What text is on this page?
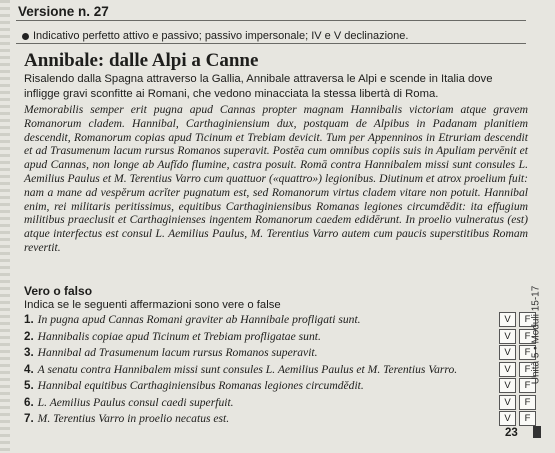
Versione n. 27
Indicativo perfetto attivo e passivo; passivo impersonale; IV e V declinazione.
Annibale: dalle Alpi a Canne
Risalendo dalla Spagna attraverso la Gallia, Annibale attraversa le Alpi e scende in Italia dove infligge gravi sconfitte ai Romani, che vedono minacciata la stessa libertà di Roma.
Memorabilis semper erit pugna apud Cannas propter magnam Hannibalis victoriam atque gravem Romanorum cladem. Hannibal, Carthaginiensium dux, postquam de Alpibus in Padanam planitiem descendit, Romanorum copias apud Ticinum et Trebiam devicit. Tum per Appenninos in Etruriam descendit et ad Trasumenum lacum rursus Romanos superavit. Postēa cum omnibus copiis suis in Apuliam pervēnit et apud Cannas, non longe ab Aufĭdo flumine, castra posuit. Romā contra Hannibalem missi sunt consules L. Aemilius Paulus et M. Terentius Varro cum quattuor («quattro») legionibus. Diutinum et atrox proelium fuit: nam a mane ad vespĕrum acrĭter pugnatum est, sed Romanorum virtus cladem vitare non potuit. Hannibal enim, rei militaris peritissimus, equitibus Carthaginiensibus Romanas legiones circumdĕdit: ita effugium militibus praeclusit et Carthaginienses ingentem Romanorum caedem edidērunt. In proelio vulneratus (est) atque interfectus est consul L. Aemilius Paulus, M. Terentius Varro autem cum paucis superstitibus Romam revertit.
Vero o falso
Indica se le seguenti affermazioni sono vere o false
1. In pugna apud Cannas Romani graviter ab Hannibale profligati sunt.	V	F
2. Hannibalis copiae apud Ticinum et Trebiam profligatae sunt.	V	F
3. Hannibal ad Trasumenum lacum rursus Romanos superavit.	V	F
4. A senatu contra Hannibalem missi sunt consules L. Aemilius Paulus et M. Terentius Varro.	V	F
5. Hannibal equitibus Carthaginiensibus Romanas legiones circumdĕdit.	V	F
6. L. Aemilius Paulus consul caedi superfuit.	V	F
7. M. Terentius Varro in proelio necatus est.	V	F
Unità 5 • Moduli 15-17
23
